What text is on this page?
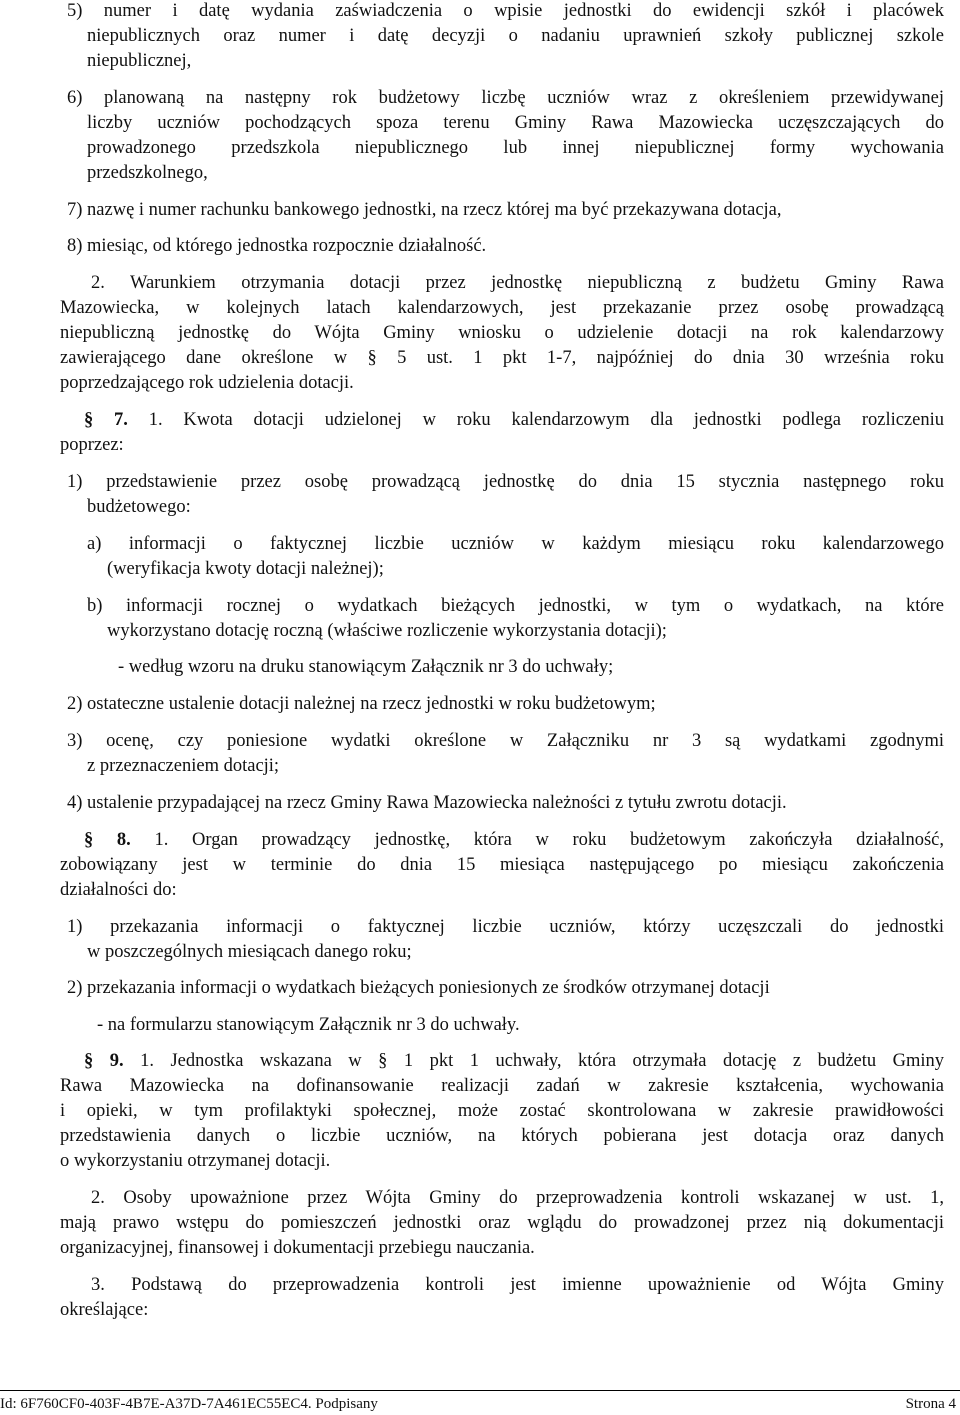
5) numer i datę wydania zaświadczenia o wpisie jednostki do ewidencji szkół i placówek
niepublicznych oraz numer i datę decyzji o nadaniu uprawnień szkoły publicznej szkole
niepublicznej,
6) planowaną na następny rok budżetowy liczbę uczniów wraz z określeniem przewidywanej
liczby uczniów pochodzących spoza terenu Gminy Rawa Mazowiecka uczęszczających do
prowadzonego przedszkola niepublicznego lub innej niepublicznej formy wychowania
przedszkolnego,
7) nazwę i numer rachunku bankowego jednostki, na rzecz której ma być przekazywana dotacja,
8) miesiąc, od którego jednostka rozpocznie działalność.
2. Warunkiem otrzymania dotacji przez jednostkę niepubliczną z budżetu Gminy Rawa
Mazowiecka, w kolejnych latach kalendarzowych, jest przekazanie przez osobę prowadzącą
niepubliczną jednostkę do Wójta Gminy wniosku o udzielenie dotacji na rok kalendarzowy
zawierającego dane określone w § 5 ust. 1 pkt 1-7, najpóźniej do dnia 30 września roku
poprzedzającego rok udzielenia dotacji.
§ 7. 1. Kwota dotacji udzielonej w roku kalendarzowym dla jednostki podlega rozliczeniu
poprzez:
1) przedstawienie przez osobę prowadzącą jednostkę do dnia 15 stycznia następnego roku
budżetowego:
a) informacji o faktycznej liczbie uczniów w każdym miesiącu roku kalendarzowego
(weryfikacja kwoty dotacji należnej);
b) informacji rocznej o wydatkach bieżących jednostki, w tym o wydatkach, na które
wykorzystano dotację roczną (właściwe rozliczenie wykorzystania dotacji);
- według wzoru na druku stanowiącym Załącznik nr 3 do uchwały;
2) ostateczne ustalenie dotacji należnej na rzecz jednostki w roku budżetowym;
3) ocenę, czy poniesione wydatki określone w Załączniku nr 3 są wydatkami zgodnymi
z przeznaczeniem dotacji;
4) ustalenie przypadającej na rzecz Gminy Rawa Mazowiecka należności z tytułu zwrotu dotacji.
§ 8. 1. Organ prowadzący jednostkę, która w roku budżetowym zakończyła działalność,
zobowiązany jest w terminie do dnia 15 miesiąca następującego po miesiącu zakończenia
działalności do:
1) przekazania informacji o faktycznej liczbie uczniów, którzy uczęszczali do jednostki
w poszczególnych miesiącach danego roku;
2) przekazania informacji o wydatkach bieżących poniesionych ze środków otrzymanej dotacji
- na formularzu stanowiącym Załącznik nr 3 do uchwały.
§ 9. 1. Jednostka wskazana w § 1 pkt 1 uchwały, która otrzymała dotację z budżetu Gminy
Rawa Mazowiecka na dofinansowanie realizacji zadań w zakresie kształcenia, wychowania
i opieki, w tym profilaktyki społecznej, może zostać skontrolowana w zakresie prawidłowości
przedstawienia danych o liczbie uczniów, na których pobierana jest dotacja oraz danych
o wykorzystaniu otrzymanej dotacji.
2. Osoby upoważnione przez Wójta Gminy do przeprowadzenia kontroli wskazanej w ust. 1,
mają prawo wstępu do pomieszczeń jednostki oraz wglądu do prowadzonej przez nią dokumentacji
organizacyjnej, finansowej i dokumentacji przebiegu nauczania.
3. Podstawą do przeprowadzenia kontroli jest imienne upoważnienie od Wójta Gminy
określające:
Id: 6F760CF0-403F-4B7E-A37D-7A461EC55EC4. Podpisany	Strona 4
